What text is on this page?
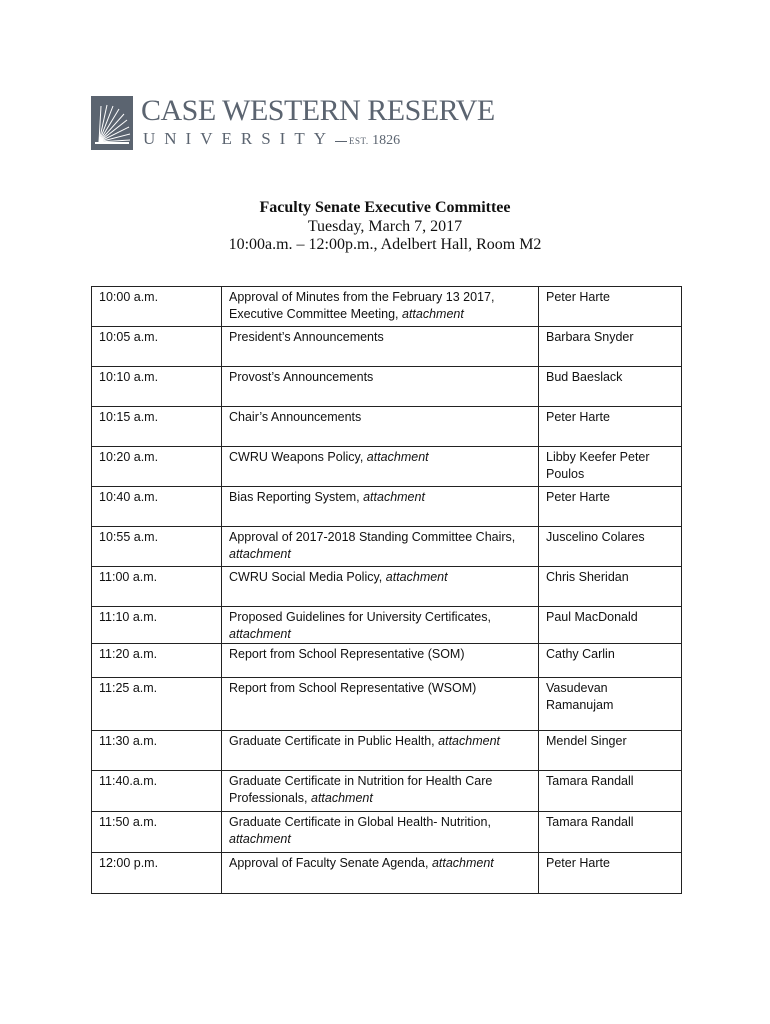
CASE WESTERN RESERVE
UNIVERSITY EST. 1826
Faculty Senate Executive Committee
Tuesday, March 7, 2017
10:00a.m. – 12:00p.m., Adelbert Hall, Room M2
10:00 a.m.	Approval of Minutes from the February 13 2017, Executive Committee Meeting, attachment	Peter Harte
10:05 a.m.	President’s Announcements	Barbara Snyder
10:10 a.m.	Provost’s Announcements	Bud Baeslack
10:15 a.m.	Chair’s Announcements	Peter Harte
10:20 a.m.	CWRU Weapons Policy, attachment	Libby Keefer Peter Poulos
10:40 a.m.	Bias Reporting System, attachment	Peter Harte
10:55 a.m.	Approval of 2017-2018 Standing Committee Chairs, attachment	Juscelino Colares
11:00 a.m.	CWRU Social Media Policy, attachment	Chris Sheridan
11:10 a.m.	Proposed Guidelines for University Certificates, attachment	Paul MacDonald
11:20 a.m.	Report from School Representative (SOM)	Cathy Carlin
11:25 a.m.	Report from School Representative (WSOM)	Vasudevan Ramanujam
11:30 a.m.	Graduate Certificate in Public Health, attachment	Mendel Singer
11:40.a.m.	Graduate Certificate in Nutrition for Health Care Professionals, attachment	Tamara Randall
11:50 a.m.	Graduate Certificate in Global Health- Nutrition, attachment	Tamara Randall
12:00 p.m.	Approval of Faculty Senate Agenda, attachment	Peter Harte
